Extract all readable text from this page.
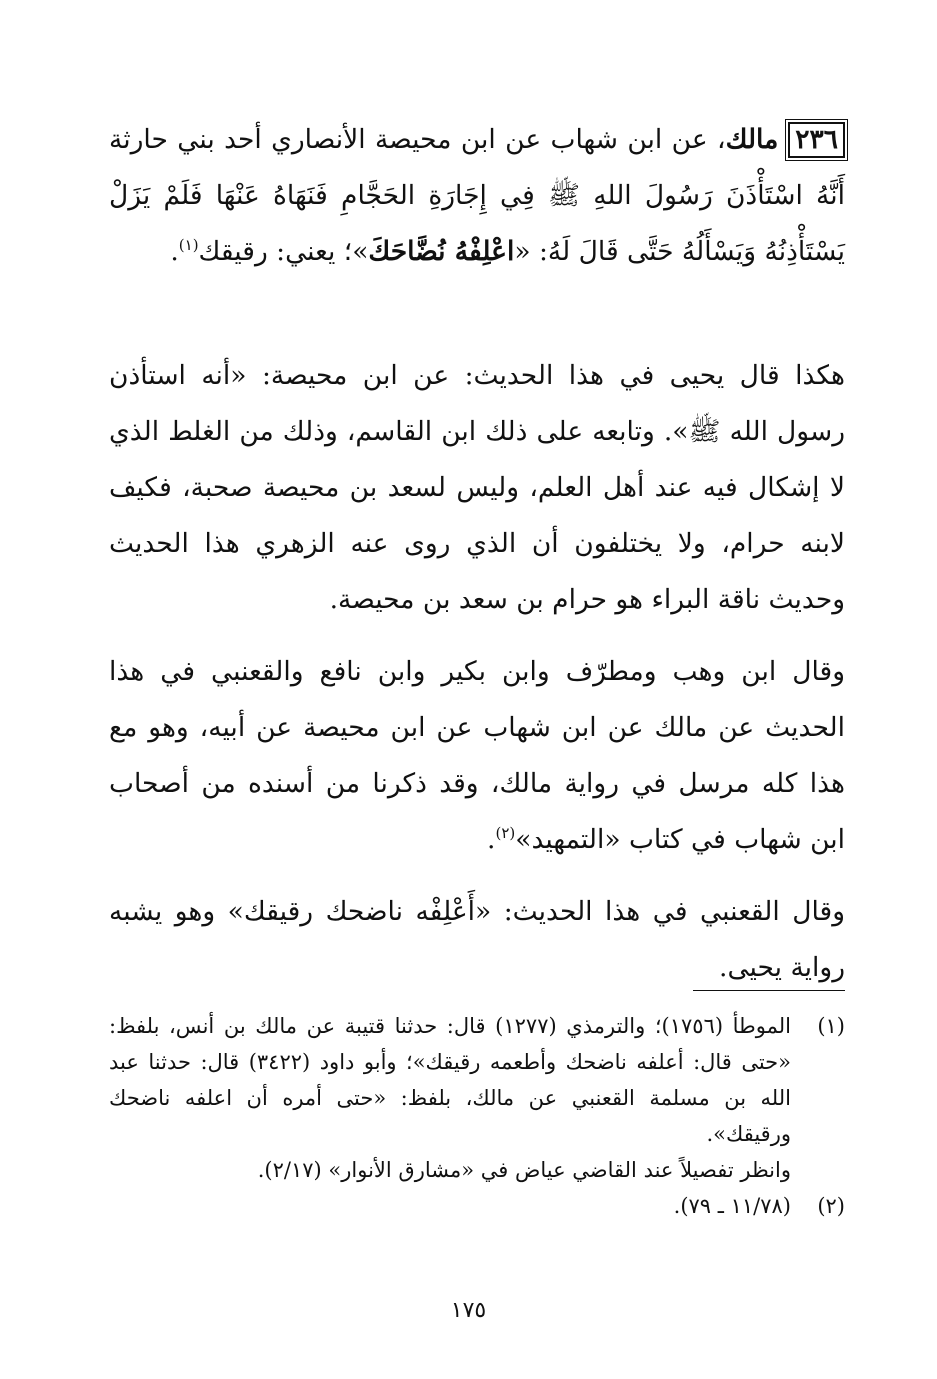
٢٣٦مالك، عن ابن شهاب عن ابن محيصة الأنصاري أحد بني حارثة أَنَّهُ اسْتَأْذَنَ رَسُولَ اللهِ ﷺ فِي إِجَارَةِ الحَجَّامِ فَنَهَاهُ عَنْهَا فَلَمْ يَزَلْ يَسْتَأْذِنُهُ وَيَسْأَلُهُ حَتَّى قَالَ لَهُ: «اعْلِفْهُ نُضَّاحَكَ»؛ يعني: رقيقك$^{(١)}$.

هكذا قال يحيى في هذا الحديث: عن ابن محيصة: «أنه استأذن رسول الله ﷺ». وتابعه على ذلك ابن القاسم، وذلك من الغلط الذي لا إشكال فيه عند أهل العلم، وليس لسعد بن محيصة صحبة، فكيف لابنه حرام، ولا يختلفون أن الذي روى عنه الزهري هذا الحديث وحديث ناقة البراء هو حرام بن سعد بن محيصة.

وقال ابن وهب ومطرّف وابن بكير وابن نافع والقعنبي في هذا الحديث عن مالك عن ابن شهاب عن ابن محيصة عن أبيه، وهو مع هذا كله مرسل في رواية مالك، وقد ذكرنا من أسنده من أصحاب ابن شهاب في كتاب «التمهيد»$^{(٢)}$.

وقال القعنبي في هذا الحديث: «أَعْلِفْه ناضحك رقيقك» وهو يشبه رواية يحيى.

(١)
الموطأ (١٧٥٦)؛ والترمذي (١٢٧٧) قال: حدثنا قتيبة عن مالك بن أنس، بلفظ: «حتى قال: أعلفه ناضحك وأطعمه رقيقك»؛ وأبو داود (٣٤٢٢) قال: حدثنا عبد الله بن مسلمة القعنبي عن مالك، بلفظ: «حتى أمره أن اعلفه ناضحك ورقيقك».
وانظر تفصيلاً عند القاضي عياض في «مشارق الأنوار» (٢/١٧).
(٢)
(١١/٧٨ ـ ٧٩).
١٧٥
